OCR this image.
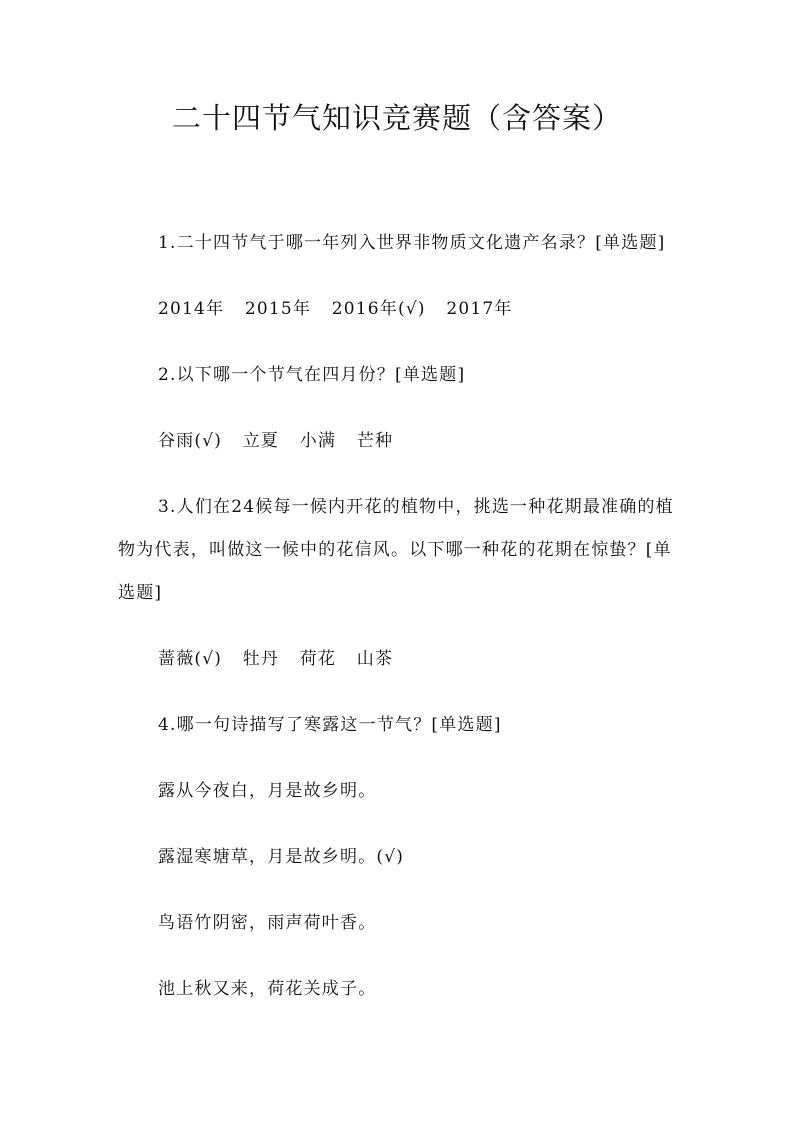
二十四节气知识竞赛题（含答案）

1.二十四节气于哪一年列入世界非物质文化遗产名录？[单选题]

2014年 2015年 2016年(√) 2017年

2.以下哪一个节气在四月份？[单选题]

谷雨(√) 立夏 小满 芒种

3.人们在24候每一候内开花的植物中，挑选一种花期最准确的植物为代表，叫做这一候中的花信风。以下哪一种花的花期在惊蛰？[单选题]

蔷薇(√) 牡丹 荷花 山茶

4.哪一句诗描写了寒露这一节气？[单选题]

露从今夜白，月是故乡明。

露湿寒塘草，月是故乡明。(√)

鸟语竹阴密，雨声荷叶香。

池上秋又来，荷花关成子。
